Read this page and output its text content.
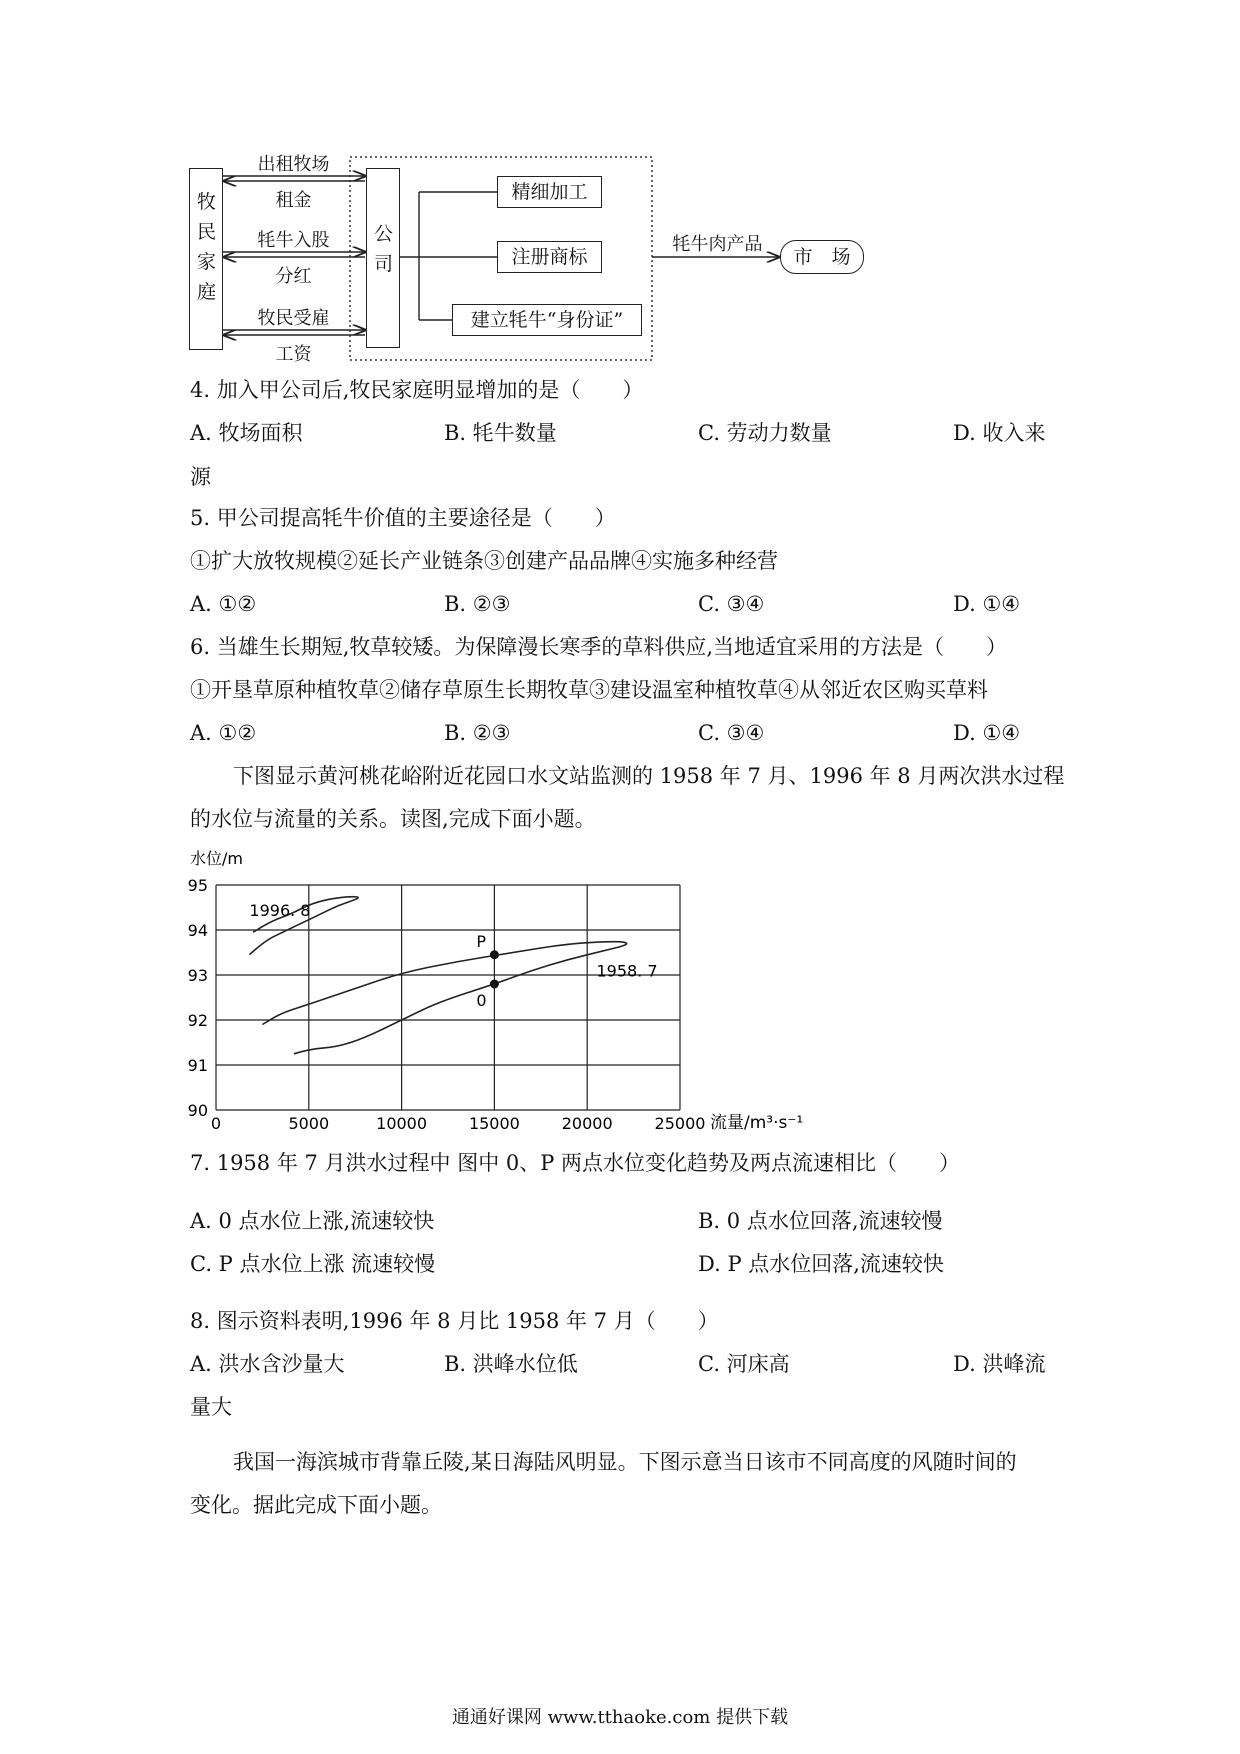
牧民家庭
公司
出租牧场
租金
牦牛入股
分红
牧民受雇
工资
精细加工
注册商标
建立牦牛“身份证”
牦牛肉产品
市　场
4. 加入甲公司后,牧民家庭明显增加的是（　　）
A. 牧场面积	B. 牦牛数量	C. 劳动力数量	D. 收入来
源
5. 甲公司提高牦牛价值的主要途径是（　　）
①扩大放牧规模②延长产业链条③创建产品品牌④实施多种经营
A. ①②	B. ②③	C. ③④	D. ①④
6. 当雄生长期短,牧草较矮。为保障漫长寒季的草料供应,当地适宜采用的方法是（　　）
①开垦草原种植牧草②储存草原生长期牧草③建设温室种植牧草④从邻近农区购买草料
A. ①②	B. ②③	C. ③④	D. ①④
下图显示黄河桃花峪附近花园口水文站监测的 1958 年 7 月、1996 年 8 月两次洪水过程
的水位与流量的关系。读图,完成下面小题。
1958. 7
1996. 8
P
0
0	5000	10000	15000	20000	25000
90
91
92
93
94
95
水位/m
流量/m³·s⁻¹
7. 1958 年 7 月洪水过程中 图中 0、P 两点水位变化趋势及两点流速相比（　　）
A. 0 点水位上涨,流速较快	B. 0 点水位回落,流速较慢
C. P 点水位上涨 流速较慢	D. P 点水位回落,流速较快
8. 图示资料表明,1996 年 8 月比 1958 年 7 月（　　）
A. 洪水含沙量大	B. 洪峰水位低	C. 河床高	D. 洪峰流
量大
我国一海滨城市背靠丘陵,某日海陆风明显。下图示意当日该市不同高度的风随时间的
变化。据此完成下面小题。
通通好课网 www.tthaoke.com 提供下载
